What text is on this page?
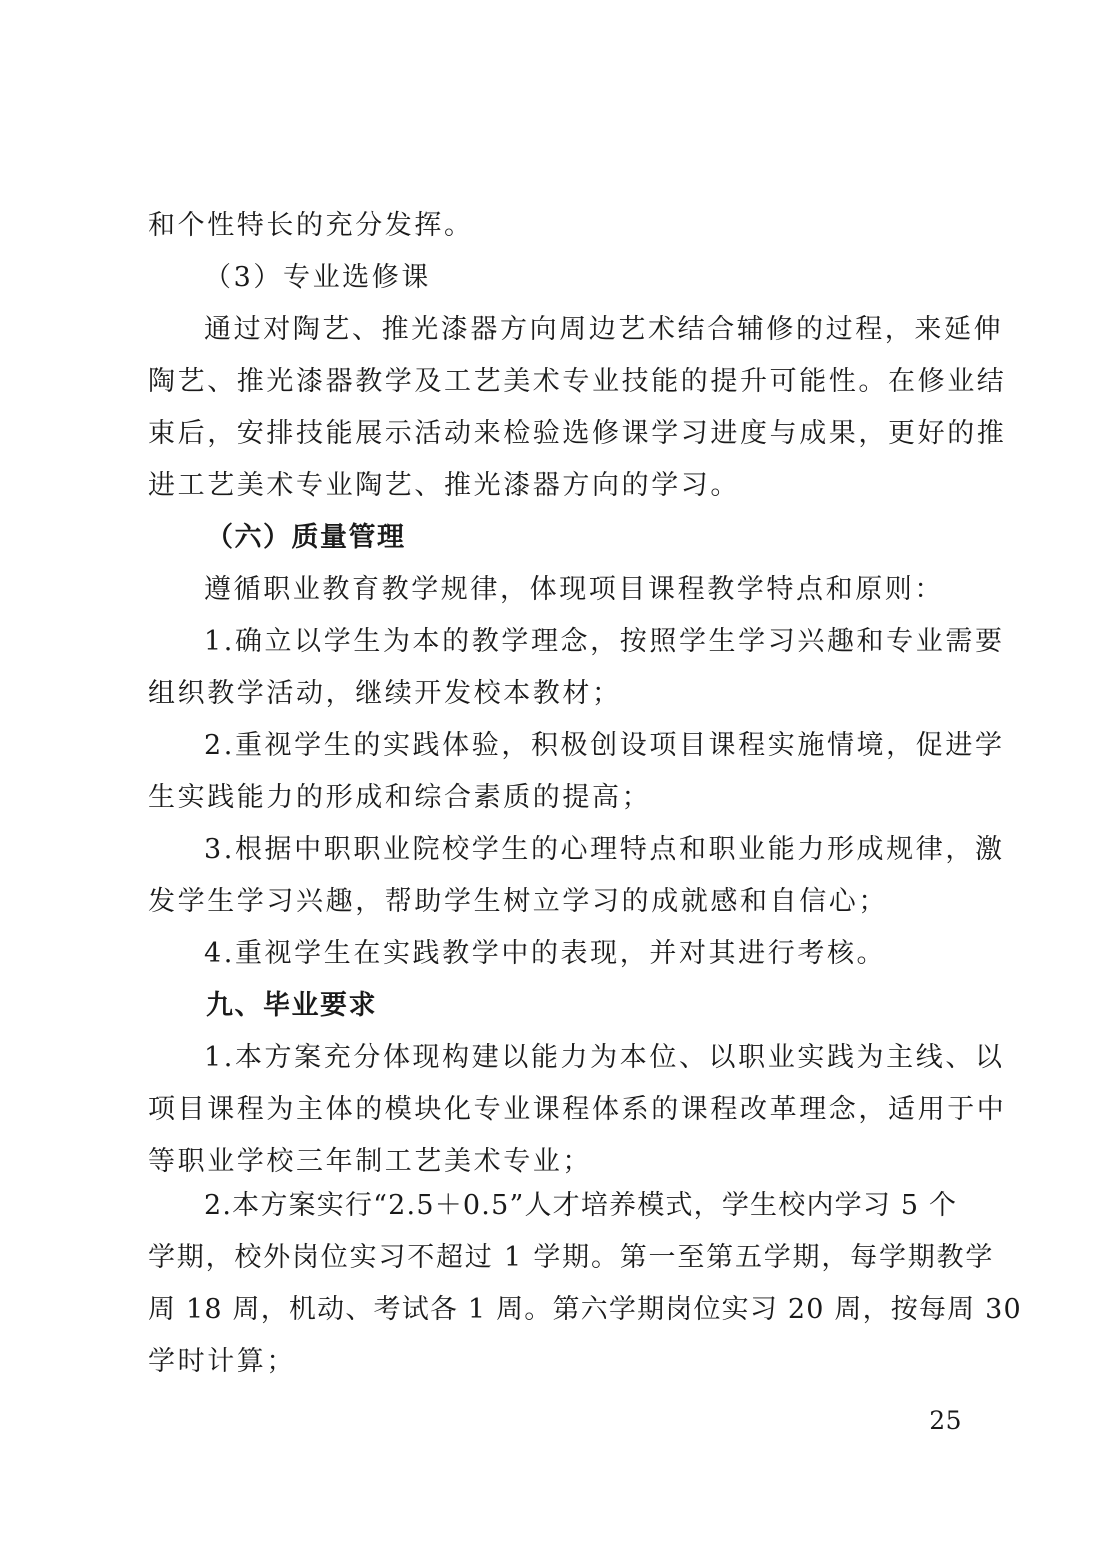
和个性特长的充分发挥。
（3）专业选修课
通过对陶艺、推光漆器方向周边艺术结合辅修的过程，来延伸
陶艺、推光漆器教学及工艺美术专业技能的提升可能性。在修业结
束后，安排技能展示活动来检验选修课学习进度与成果，更好的推
进工艺美术专业陶艺、推光漆器方向的学习。
（六）质量管理
遵循职业教育教学规律，体现项目课程教学特点和原则：
1.确立以学生为本的教学理念，按照学生学习兴趣和专业需要
组织教学活动，继续开发校本教材；
2.重视学生的实践体验，积极创设项目课程实施情境，促进学
生实践能力的形成和综合素质的提高；
3.根据中职职业院校学生的心理特点和职业能力形成规律，激
发学生学习兴趣，帮助学生树立学习的成就感和自信心；
4.重视学生在实践教学中的表现，并对其进行考核。
九、毕业要求
1.本方案充分体现构建以能力为本位、以职业实践为主线、以
项目课程为主体的模块化专业课程体系的课程改革理念，适用于中
等职业学校三年制工艺美术专业；
2.本方案实行“2.5＋0.5”人才培养模式，学生校内学习 5 个
学期，校外岗位实习不超过 1 学期。第一至第五学期，每学期教学
周 18 周，机动、考试各 1 周。第六学期岗位实习 20 周，按每周 30
学时计算；
25
